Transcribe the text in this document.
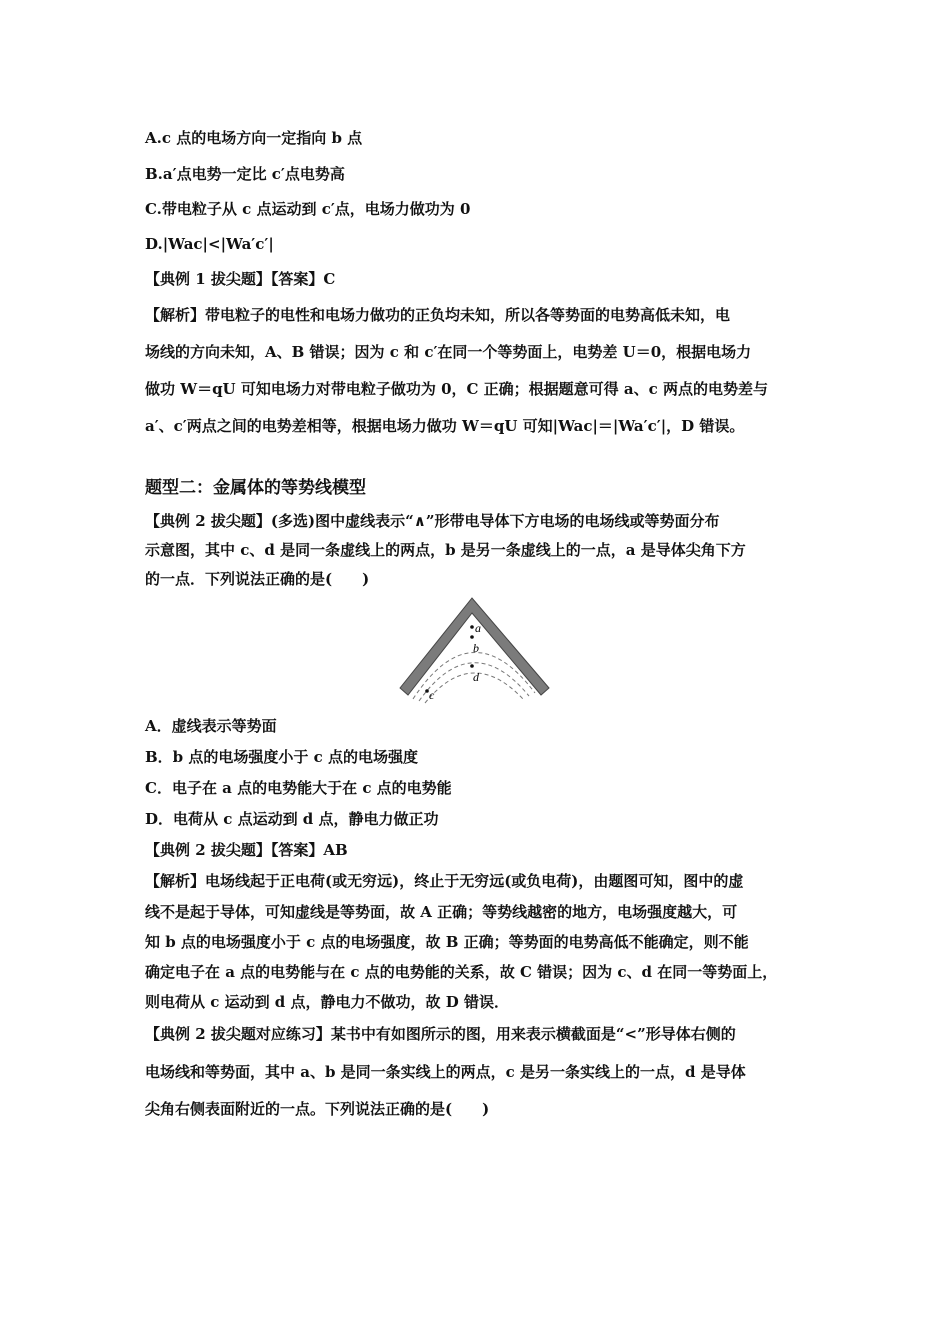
A.c 点的电场方向一定指向 b 点
B.a′点电势一定比 c′点电势高
C.带电粒子从 c 点运动到 c′点，电场力做功为 0
D.|Wac|<|Wa′c′|
【典例 1 拔尖题】【答案】C
【解析】带电粒子的电性和电场力做功的正负均未知，所以各等势面的电势高低未知，电
场线的方向未知，A、B 错误；因为 c 和 c′在同一个等势面上，电势差 U＝0，根据电场力
做功 W＝qU 可知电场力对带电粒子做功为 0，C 正确；根据题意可得 a、c 两点的电势差与
a′、c′两点之间的电势差相等，根据电场力做功 W＝qU 可知|Wac|＝|Wa′c′|，D 错误。
题型二：金属体的等势线模型
【典例 2 拔尖题】(多选)图中虚线表示“∧”形带电导体下方电场的电场线或等势面分布
示意图，其中 c、d 是同一条虚线上的两点，b 是另一条虚线上的一点，a 是导体尖角下方
的一点．下列说法正确的是(　　)
a
b
d
c
A．虚线表示等势面
B．b 点的电场强度小于 c 点的电场强度
C．电子在 a 点的电势能大于在 c 点的电势能
D．电荷从 c 点运动到 d 点，静电力做正功
【典例 2 拔尖题】【答案】AB
【解析】电场线起于正电荷(或无穷远)，终止于无穷远(或负电荷)，由题图可知，图中的虚
线不是起于导体，可知虚线是等势面，故 A 正确；等势线越密的地方，电场强度越大，可
知 b 点的电场强度小于 c 点的电场强度，故 B 正确；等势面的电势高低不能确定，则不能
确定电子在 a 点的电势能与在 c 点的电势能的关系，故 C 错误；因为 c、d 在同一等势面上，
则电荷从 c 运动到 d 点，静电力不做功，故 D 错误．
【典例 2 拔尖题对应练习】某书中有如图所示的图，用来表示横截面是“<”形导体右侧的
电场线和等势面，其中 a、b 是同一条实线上的两点，c 是另一条实线上的一点，d 是导体
尖角右侧表面附近的一点。下列说法正确的是(　　)
